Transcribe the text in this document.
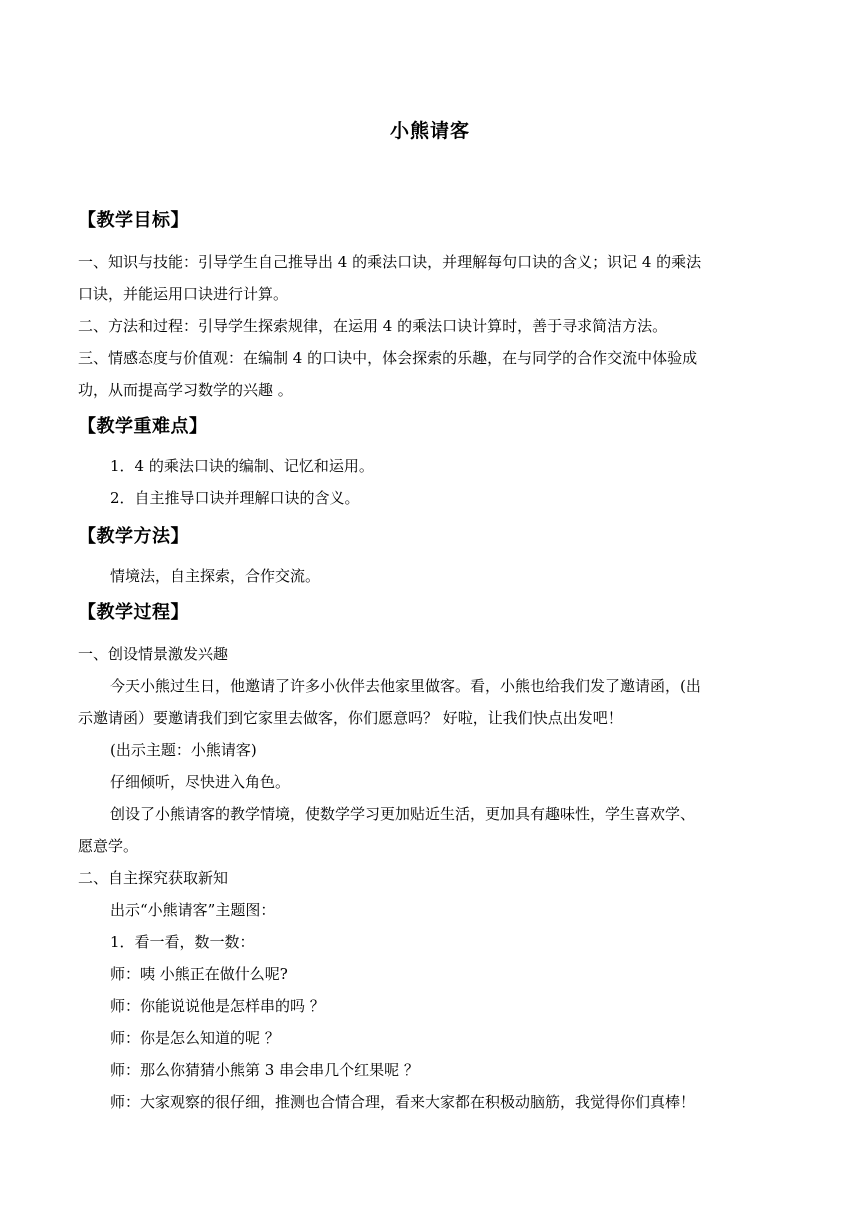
小熊请客
【教学目标】
一、知识与技能：引导学生自己推导出 4 的乘法口诀，并理解每句口诀的含义；识记 4 的乘法
口诀，并能运用口诀进行计算。
二、方法和过程：引导学生探索规律，在运用 4 的乘法口诀计算时，善于寻求简洁方法。
三、情感态度与价值观：在编制 4 的口诀中，体会探索的乐趣，在与同学的合作交流中体验成
功，从而提高学习数学的兴趣 。
【教学重难点】
1．4 的乘法口诀的编制、记忆和运用。
2．自主推导口诀并理解口诀的含义。
【教学方法】
情境法，自主探索，合作交流。
【教学过程】
一、创设情景激发兴趣
今天小熊过生日，他邀请了许多小伙伴去他家里做客。看，小熊也给我们发了邀请函，(出
示邀请函）要邀请我们到它家里去做客，你们愿意吗？ 好啦，让我们快点出发吧！
(出示主题：小熊请客)
仔细倾听，尽快进入角色。
创设了小熊请客的教学情境，使数学学习更加贴近生活，更加具有趣味性，学生喜欢学、
愿意学。
二、自主探究获取新知
出示“小熊请客”主题图：
1．看一看，数一数：
师：咦 小熊正在做什么呢?
师：你能说说他是怎样串的吗 ？
师：你是怎么知道的呢 ？
师：那么你猜猜小熊第 3 串会串几个红果呢 ？
师：大家观察的很仔细，推测也合情合理，看来大家都在积极动脑筋，我觉得你们真棒！
